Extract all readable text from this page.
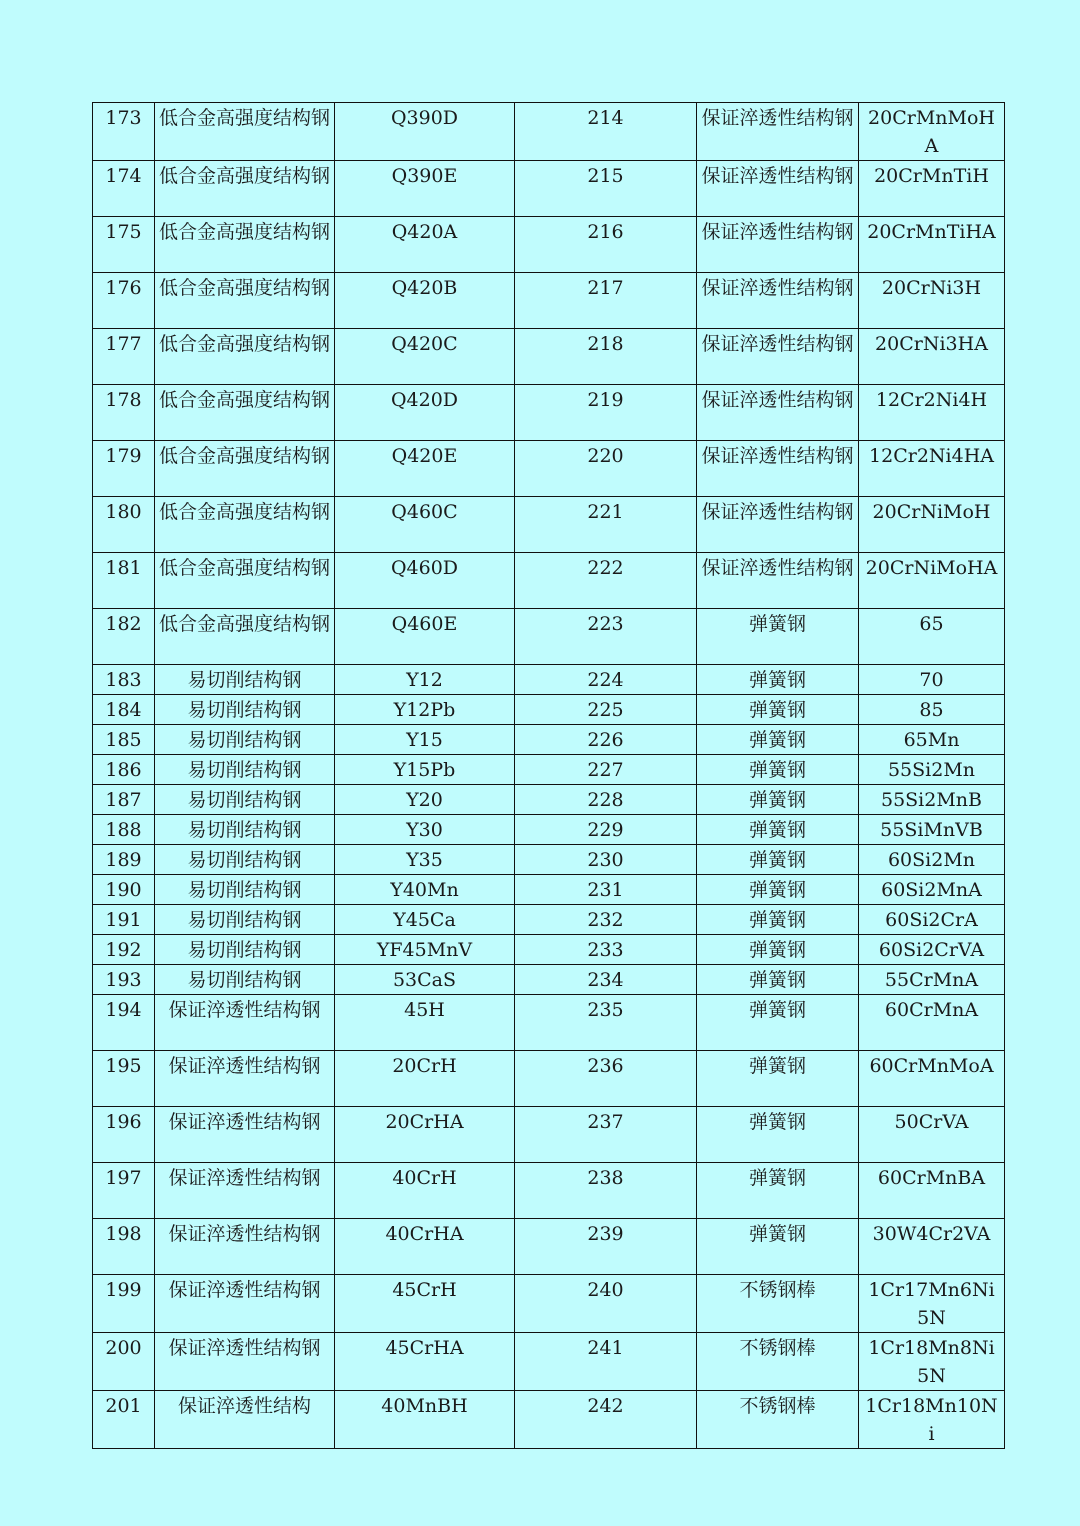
173	低合金高强度结构钢	Q390D	214	保证淬透性结构钢	20CrMnMoHA
174	低合金高强度结构钢	Q390E	215	保证淬透性结构钢	20CrMnTiH
175	低合金高强度结构钢	Q420A	216	保证淬透性结构钢	20CrMnTiHA
176	低合金高强度结构钢	Q420B	217	保证淬透性结构钢	20CrNi3H
177	低合金高强度结构钢	Q420C	218	保证淬透性结构钢	20CrNi3HA
178	低合金高强度结构钢	Q420D	219	保证淬透性结构钢	12Cr2Ni4H
179	低合金高强度结构钢	Q420E	220	保证淬透性结构钢	12Cr2Ni4HA
180	低合金高强度结构钢	Q460C	221	保证淬透性结构钢	20CrNiMoH
181	低合金高强度结构钢	Q460D	222	保证淬透性结构钢	20CrNiMoHA
182	低合金高强度结构钢	Q460E	223	弹簧钢	65
183	易切削结构钢	Y12	224	弹簧钢	70
184	易切削结构钢	Y12Pb	225	弹簧钢	85
185	易切削结构钢	Y15	226	弹簧钢	65Mn
186	易切削结构钢	Y15Pb	227	弹簧钢	55Si2Mn
187	易切削结构钢	Y20	228	弹簧钢	55Si2MnB
188	易切削结构钢	Y30	229	弹簧钢	55SiMnVB
189	易切削结构钢	Y35	230	弹簧钢	60Si2Mn
190	易切削结构钢	Y40Mn	231	弹簧钢	60Si2MnA
191	易切削结构钢	Y45Ca	232	弹簧钢	60Si2CrA
192	易切削结构钢	YF45MnV	233	弹簧钢	60Si2CrVA
193	易切削结构钢	53CaS	234	弹簧钢	55CrMnA
194	保证淬透性结构钢	45H	235	弹簧钢	60CrMnA
195	保证淬透性结构钢	20CrH	236	弹簧钢	60CrMnMoA
196	保证淬透性结构钢	20CrHA	237	弹簧钢	50CrVA
197	保证淬透性结构钢	40CrH	238	弹簧钢	60CrMnBA
198	保证淬透性结构钢	40CrHA	239	弹簧钢	30W4Cr2VA
199	保证淬透性结构钢	45CrH	240	不锈钢棒	1Cr17Mn6Ni5N
200	保证淬透性结构钢	45CrHA	241	不锈钢棒	1Cr18Mn8Ni5N
201	保证淬透性结构	40MnBH	242	不锈钢棒	1Cr18Mn10Ni
